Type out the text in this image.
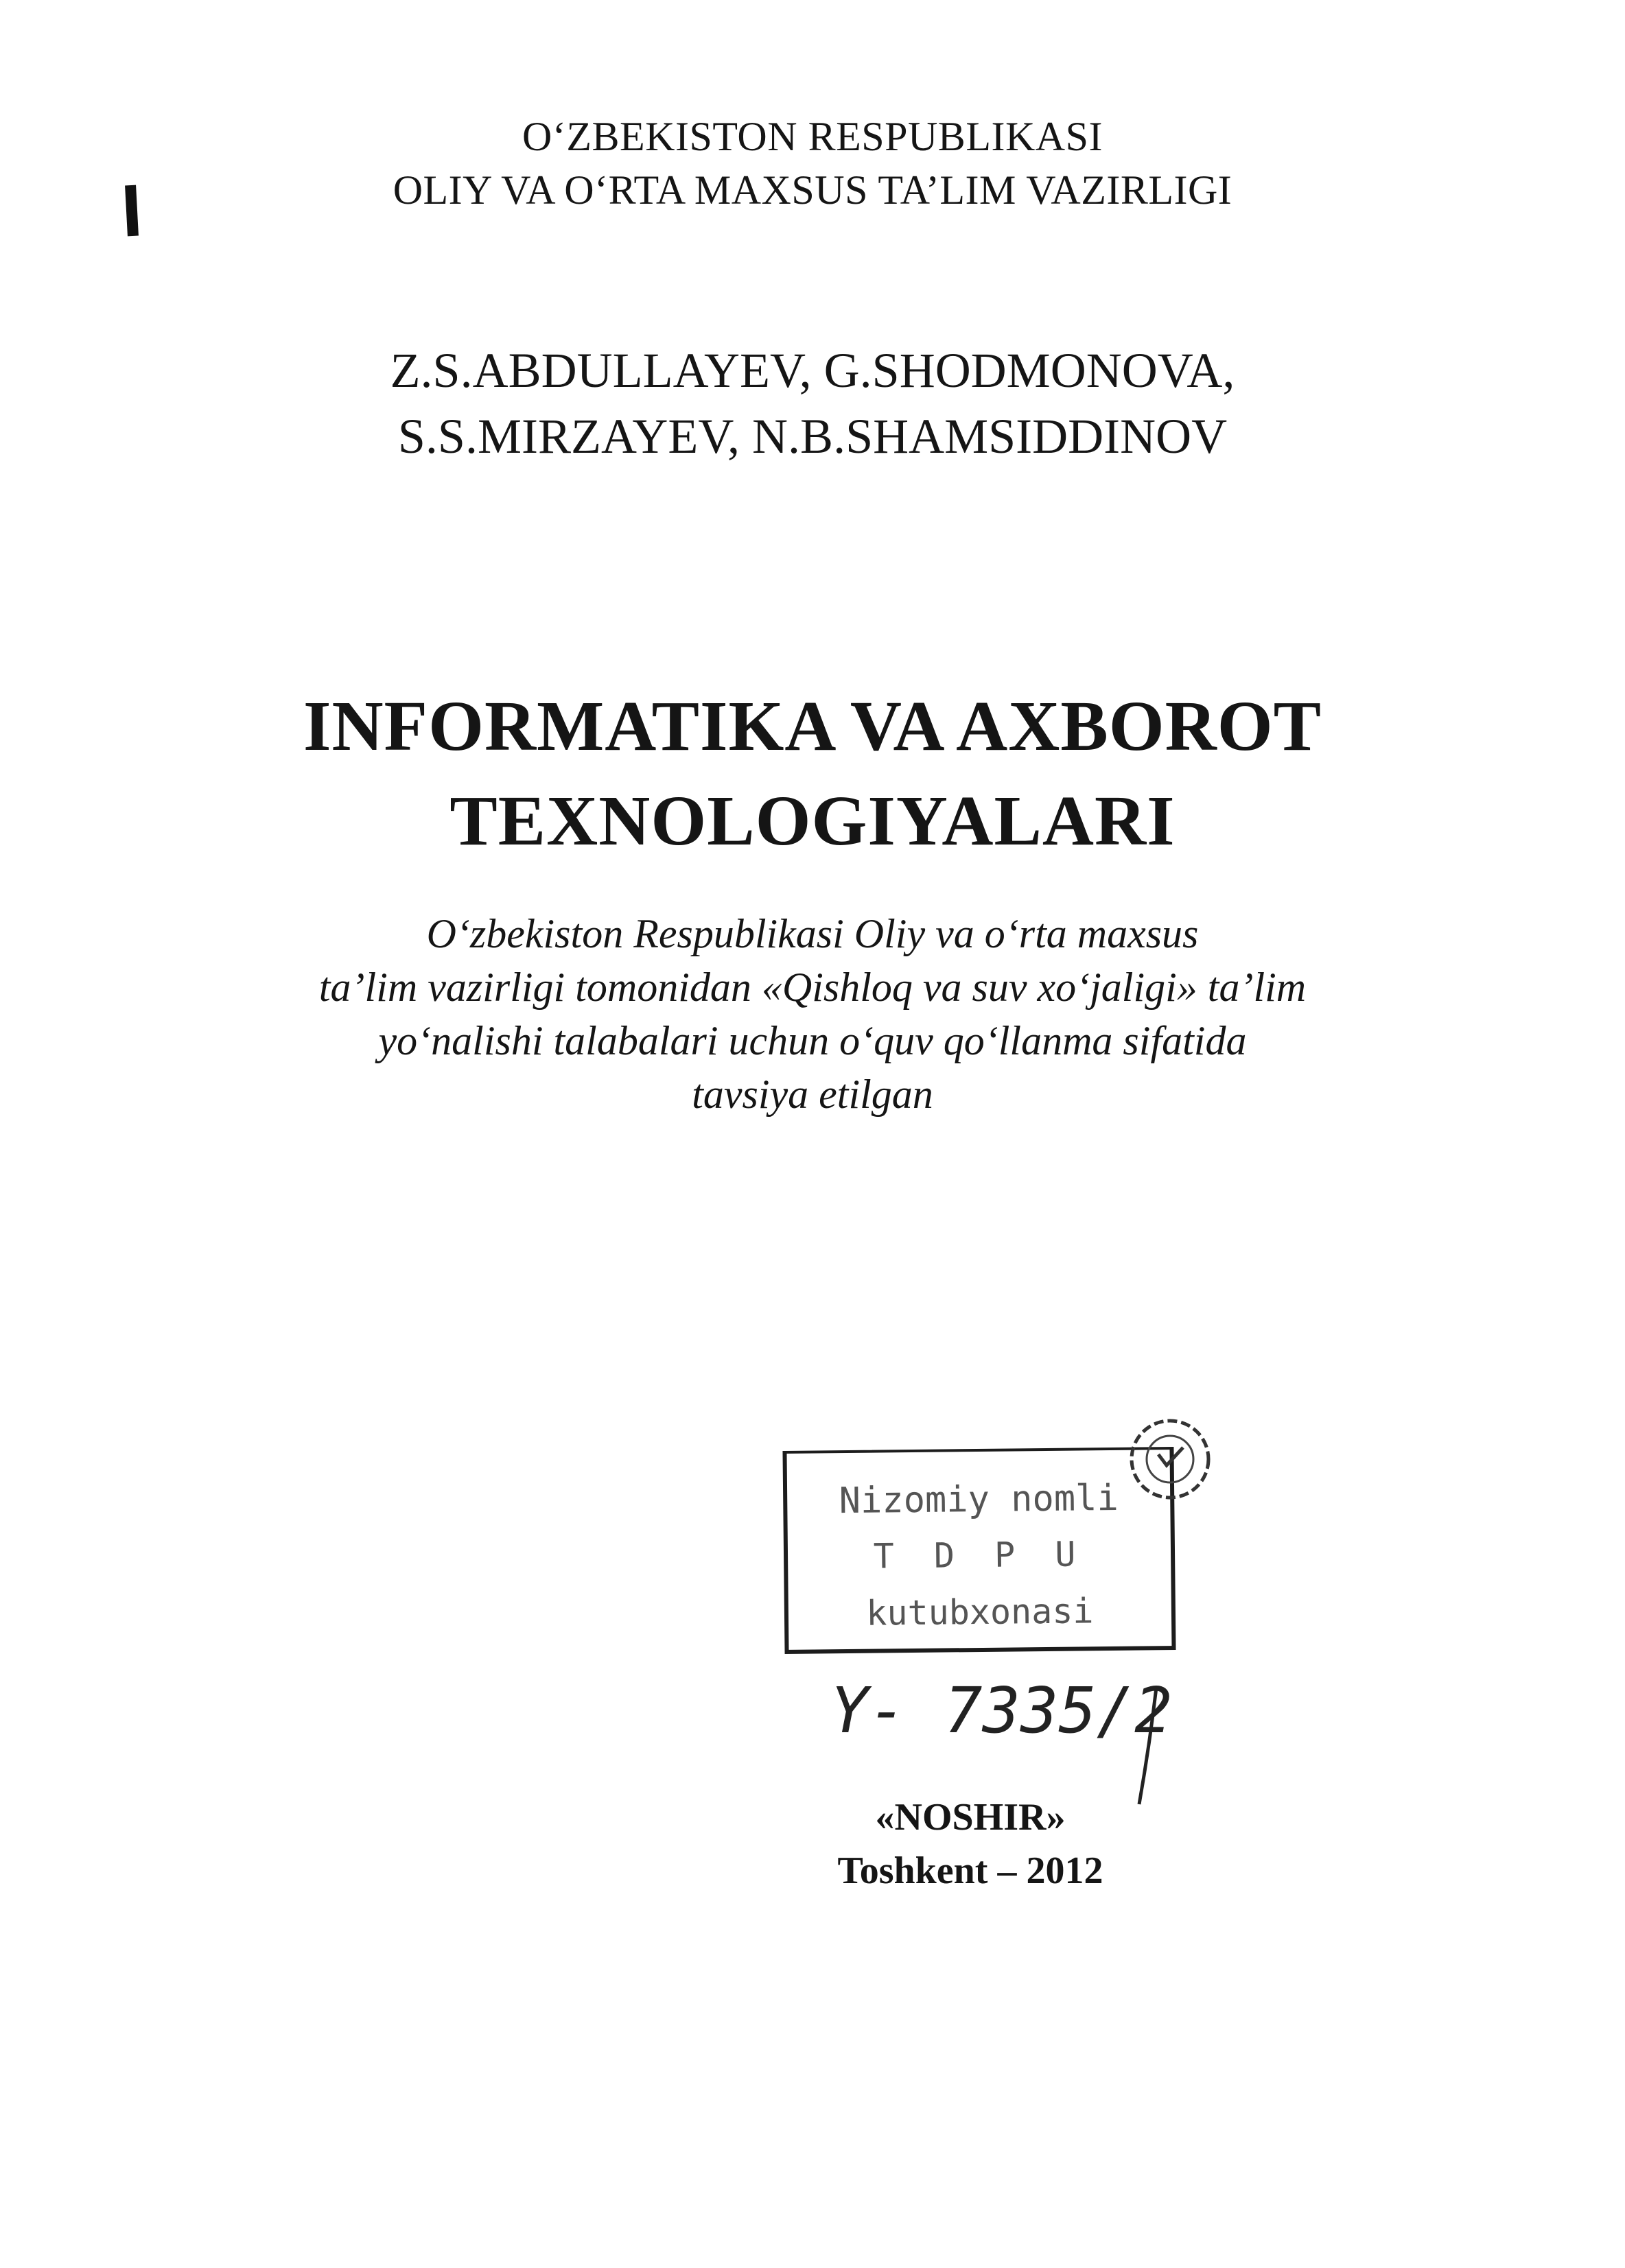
O‘ZBEKISTON RESPUBLIKASI
OLIY VA O‘RTA MAXSUS TA’LIM VAZIRLIGI
Z.S.ABDULLAYEV, G.SHODMONOVA,
S.S.MIRZAYEV, N.B.SHAMSIDDINOV
INFORMATIKA VA AXBOROT
TEXNOLOGIYALARI
O‘zbekiston Respublikasi Oliy va o‘rta maxsus
ta’lim vazirligi tomonidan «Qishloq va suv xo‘jaligi» ta’lim
yo‘nalishi talabalari uchun o‘quv qo‘llanma sifatida
tavsiya etilgan
Nizomiy nomli
T D P U
kutubxonasi
Y- 7335/2
«NOSHIR»
Toshkent – 2012
